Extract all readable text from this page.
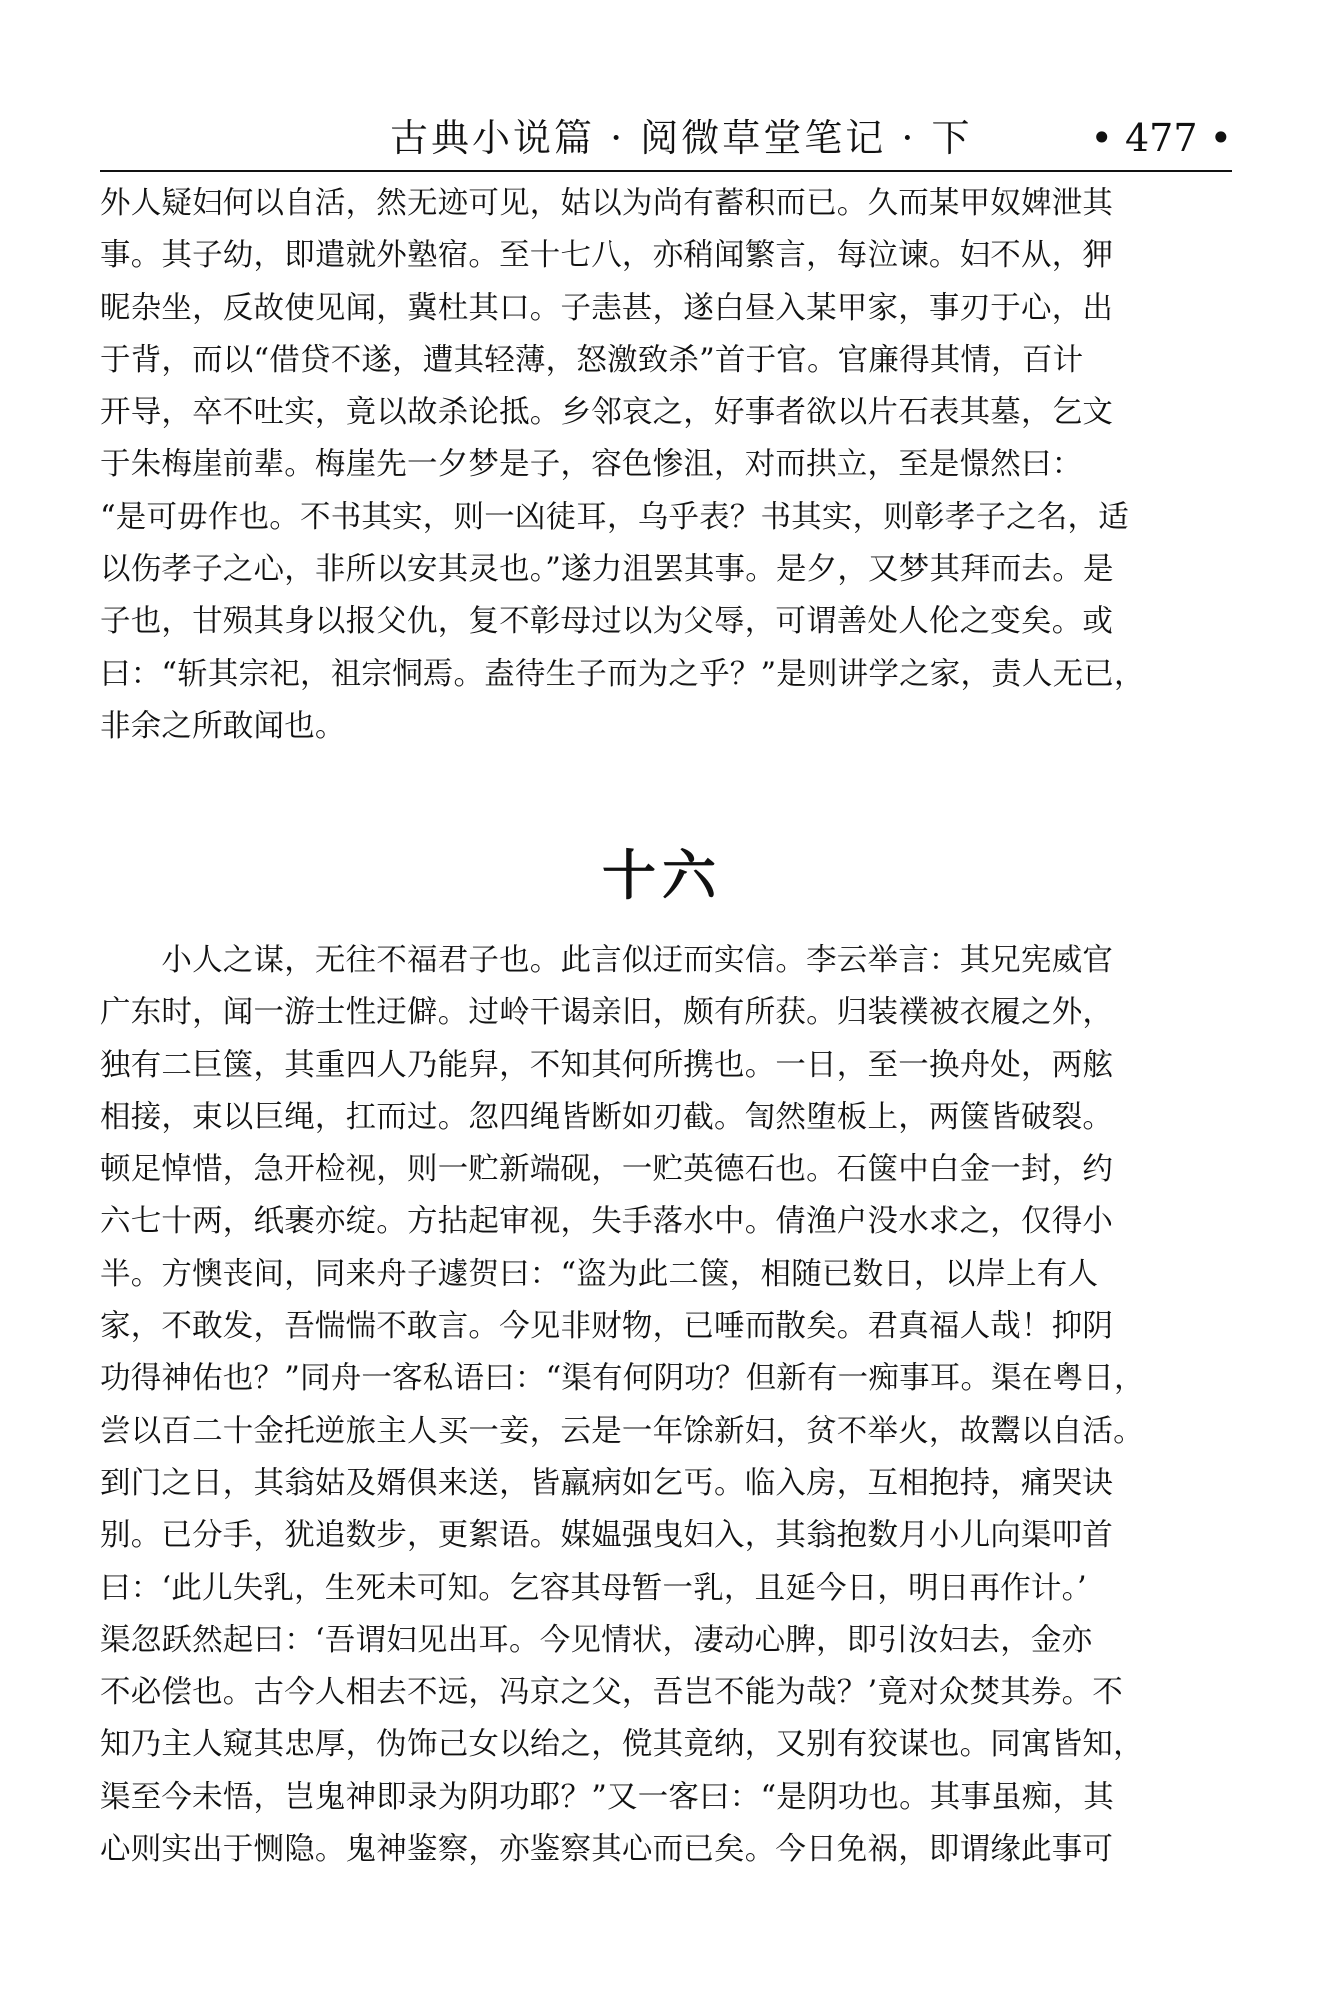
古典小说篇 · 阅微草堂笔记 · 下	• 477 •
外人疑妇何以自活，然无迹可见，姑以为尚有蓄积而已。久而某甲奴婢泄其
事。其子幼，即遣就外塾宿。至十七八，亦稍闻繁言，每泣谏。妇不从，狎
昵杂坐，反故使见闻，冀杜其口。子恚甚，遂白昼入某甲家，事刃于心，出
于背，而以“借贷不遂，遭其轻薄，怒激致杀”首于官。官廉得其情，百计
开导，卒不吐实，竟以故杀论抵。乡邻哀之，好事者欲以片石表其墓，乞文
于朱梅崖前辈。梅崖先一夕梦是子，容色惨沮，对而拱立，至是憬然曰：
“是可毋作也。不书其实，则一凶徒耳，乌乎表？书其实，则彰孝子之名，适
以伤孝子之心，非所以安其灵也。”遂力沮罢其事。是夕，又梦其拜而去。是
子也，甘殒其身以报父仇，复不彰母过以为父辱，可谓善处人伦之变矣。或
曰：“斩其宗祀，祖宗恫焉。盍待生子而为之乎？”是则讲学之家，责人无已，
非余之所敢闻也。
十六
　　小人之谋，无往不福君子也。此言似迂而实信。李云举言：其兄宪威官
广东时，闻一游士性迂僻。过岭干谒亲旧，颇有所获。归装襆被衣履之外，
独有二巨箧，其重四人乃能舁，不知其何所携也。一日，至一换舟处，两舷
相接，束以巨绳，扛而过。忽四绳皆断如刃截。訇然堕板上，两箧皆破裂。
顿足悼惜，急开检视，则一贮新端砚，一贮英德石也。石箧中白金一封，约
六七十两，纸裹亦绽。方拈起审视，失手落水中。倩渔户没水求之，仅得小
半。方懊丧间，同来舟子遽贺曰：“盗为此二箧，相随已数日，以岸上有人
家，不敢发，吾惴惴不敢言。今见非财物，已唾而散矣。君真福人哉！抑阴
功得神佑也？”同舟一客私语曰：“渠有何阴功？但新有一痴事耳。渠在粤日，
尝以百二十金托逆旅主人买一妾，云是一年馀新妇，贫不举火，故鬻以自活。
到门之日，其翁姑及婿俱来送，皆羸病如乞丐。临入房，互相抱持，痛哭诀
别。已分手，犹追数步，更絮语。媒媪强曳妇入，其翁抱数月小儿向渠叩首
曰：‘此儿失乳，生死未可知。乞容其母暂一乳，且延今日，明日再作计。’
渠忽跃然起曰：‘吾谓妇见出耳。今见情状，凄动心脾，即引汝妇去，金亦
不必偿也。古今人相去不远，冯京之父，吾岂不能为哉？’竟对众焚其券。不
知乃主人窥其忠厚，伪饰己女以绐之，傥其竟纳，又别有狡谋也。同寓皆知，
渠至今未悟，岂鬼神即录为阴功耶？”又一客曰：“是阴功也。其事虽痴，其
心则实出于恻隐。鬼神鉴察，亦鉴察其心而已矣。今日免祸，即谓缘此事可
